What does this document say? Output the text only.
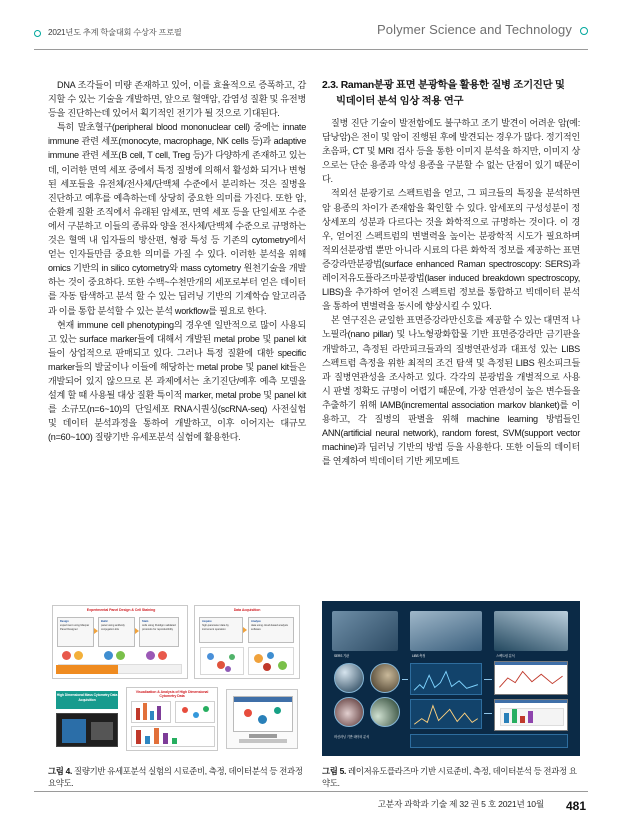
2021년도 추계 학술대회 수상자 프로필	Polymer Science and Technology

DNA 조각들이 미량 존재하고 있어, 이를 효율적으로 증폭하고, 감지할 수 있는 기술을 개발하면, 앞으로 혈액암, 감염성 질환 및 유전병 등을 진단하는데 있어서 획기적인 전기가 될 것으로 기대된다.

특히 말초혈구(peripheral blood mononuclear cell) 중에는 innate immune 관련 세포(monocyte, macrophage, NK cells 등)과 adaptive immune 관련 세포(B cell, T cell, Treg 등)가 다양하게 존재하고 있는데, 이러한 면역 세포 중에서 특정 질병에 의해서 활성화 되거나 변형된 세포들을 유전체/전사체/단백체 수준에서 분리하는 것은 질병을 진단하고 예후를 예측하는데 상당히 중요한 의미를 가진다. 또한 암, 순환계 질환 조직에서 유래된 암세포, 면역 세포 등을 단일세포 수준에서 구분하고 이들의 종류와 양을 전사체/단백체 수준으로 규명하는 것은 혈액 내 입자들의 방산편, 형광 특성 등 기존의 cytometry에서 얻는 인자들만큼 중요한 의미를 가질 수 있다. 이러한 분석을 위해 omics 기반의 in silico cytometry와 mass cytometry 원천기술을 개발하는 것이 중요하다. 또한 수백~수천만개의 세포로부터 얻은 데이터를 자동 탐색하고 분석 할 수 있는 딥러닝 기반의 기계학습 알고리즘과 이를 통합 분석할 수 있는 분석 workflow를 필요로 한다.

현재 immune cell phenotyping의 경우엔 일반적으로 많이 사용되고 있는 surface marker들에 대해서 개발된 metal probe 및 panel kit들이 상업적으로 판매되고 있다. 그러나 특정 질환에 대한 specific marker들의 발굴이나 이들에 해당하는 metal probe 및 panel kit들은 개발되어 있지 않으므로 본 과제에서는 초기진단/예후 예측 모델을 설계 할 때 사용될 대상 질환 특이적 marker, metal probe 및 panel kit를 소규모(n=6~10)의 단일세포 RNA시퀀싱(scRNA-seq) 사전실험 및 데이터 분석과정을 통하여 개발하고, 이후 이어지는 대규모(n=60~100) 질량기반 유세포분석 실험에 활용한다.

2.3. Raman분광 표면 분광학을 활용한 질병 조기진단 및
빅데이터 분석 임상 적용 연구

질병 진단 기술이 발전함에도 불구하고 조기 발견이 어려운 암(예: 담낭암)은 전이 및 암이 진행된 후에 발견되는 경우가 많다. 정기적인 초음파, CT 및 MRI 검사 등을 통한 이미지 분석을 하지만, 이미지 상으로는 단순 용종과 악성 용종을 구분할 수 없는 단점이 있기 때문이다.

적외선 분광기로 스펙트럼을 얻고, 그 피크들의 특징을 분석하면 암 용종의 차이가 존재함을 확인할 수 있다. 암세포의 구성성분이 정상세포의 성분과 다르다는 것을 화학적으로 규명하는 것이다. 이 경우, 얻어진 스펙트럼의 변별력을 높이는 분광학적 시도가 필요하며 적외선분광법 뿐만 아니라 시료의 다른 화학적 정보를 제공하는 표면증강라만분광법(surface enhanced Raman spectroscopy: SERS)과 레이저유도플라즈마분광법(laser induced breakdown spectroscopy, LIBS)을 추가하여 얻어진 스펙트럼 정보를 통합하고 빅데이터 분석을 통하여 변별력을 동시에 향상시킬 수 있다.

본 연구진은 균일한 표면증강라만신호를 제공할 수 있는 대면적 나노필라(nano pillar) 및 나노형광화합물 기반 표면증강라만 금기판을 개발하고, 측정된 라만피크들과의 질병연관성과 대표성 있는 LIBS 스펙트럼 측정을 위한 최적의 조건 탐색 및 측정된 LIBS 원소피크들과 질병연관성을 조사하고 있다. 각각의 분광법을 개별적으로 사용 시 판별 정확도 규명이 어렵기 때문에, 가장 연관성이 높은 변수들을 추출하기 위해 IAMB(incremental association markov blanket)를 이용하고, 각 질병의 판별을 위해 machine learning 방법들인 ANN(artificial neural network), random forest, SVM(support vector machine)과 딥러닝 기반의 방법 등을 사용한다. 또한 이들의 데이터를 연계하여 빅데이터 기반 케모메트

Experimental Panel Design & Cell Staining
Design
experiment using Maxpar Panel Designer
Build
panel using antibody conjugation kits
Stain
cells using Fluidigm validated protocols for reproducibility
Data Acquisition
Acquire
high-parameter data by instrument operation
Analyze
data using cloud-based analysis software
High Dimensional Mass Cytometry Data Acquisition
Visualization & Analysis of High Dimensional Cytometry Data

그림 4. 질량기반 유세포분석 실험의 시료준비, 측정, 데이터분석 등 전과정 요약도.
SERS 기판	LIBS 측정	스펙트럼 분석
머신러닝 기반 데이터 분석
그림 5. 레이저유도플라즈마 기반 시료준비, 측정, 데이터분석 등 전과정 요약도.
고분자 과학과 기술 제 32 권 5 호 2021년 10월 481
